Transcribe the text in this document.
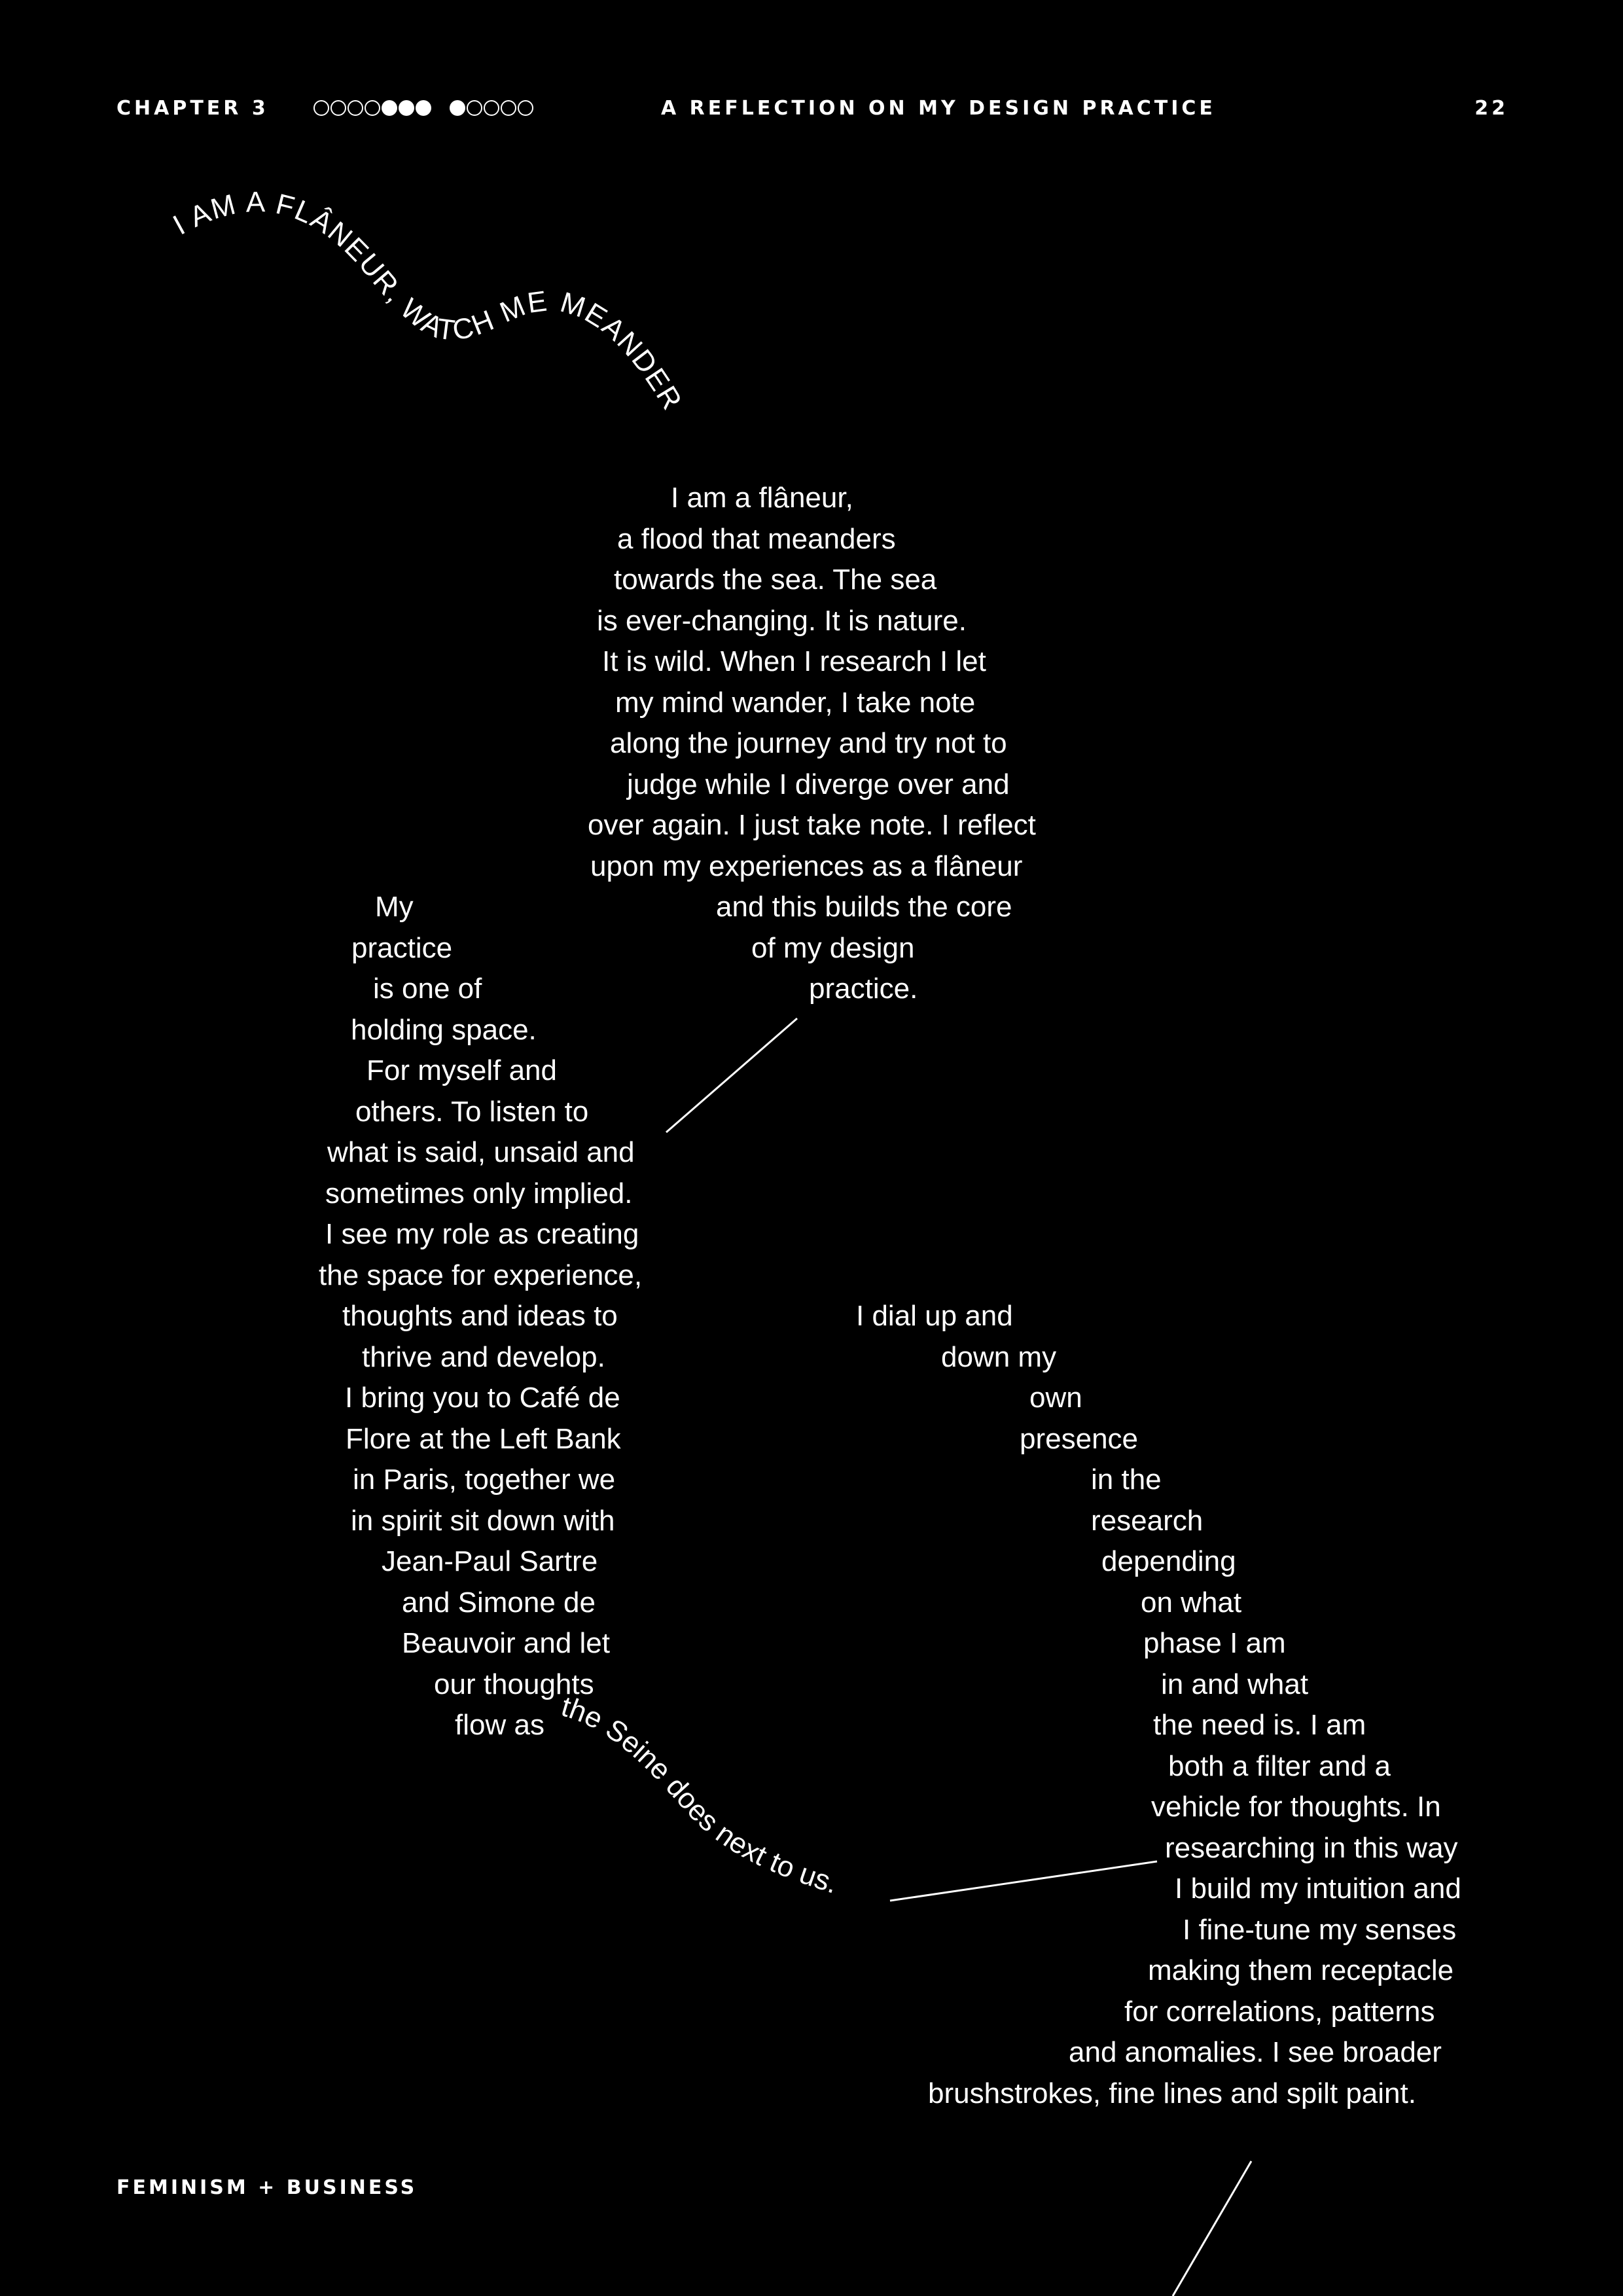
CHAPTER 3	A REFLECTION ON MY DESIGN PRACTICE	22
I AM A FLÂNEUR, WATCH ME MEANDER
the Seine does next to us.
I am a flâneur,
a flood that meanders
towards the sea. The sea
is ever-changing. It is nature.
It is wild. When I research I let
my mind wander, I take note
along the journey and try not to
judge while I diverge over and
over again. I just take note. I reflect
upon my experiences as a flâneur
and this builds the core
of my design
practice.
My
practice
is one of
holding space.
For myself and
others. To listen to
what is said, unsaid and
sometimes only implied.
I see my role as creating
the space for experience,
thoughts and ideas to
thrive and develop.
I bring you to Café de
Flore at the Left Bank
in Paris, together we
in spirit sit down with
Jean-Paul Sartre
and Simone de
Beauvoir and let
our thoughts
flow as
I dial up and
down my
own
presence
in the
research
depending
on what
phase I am
in and what
the need is. I am
both a filter and a
vehicle for thoughts. In
researching in this way
I build my intuition and
I fine-tune my senses
making them receptacle
for correlations, patterns
and anomalies. I see broader
brushstrokes, fine lines and spilt paint.
FEMINISM + BUSINESS
